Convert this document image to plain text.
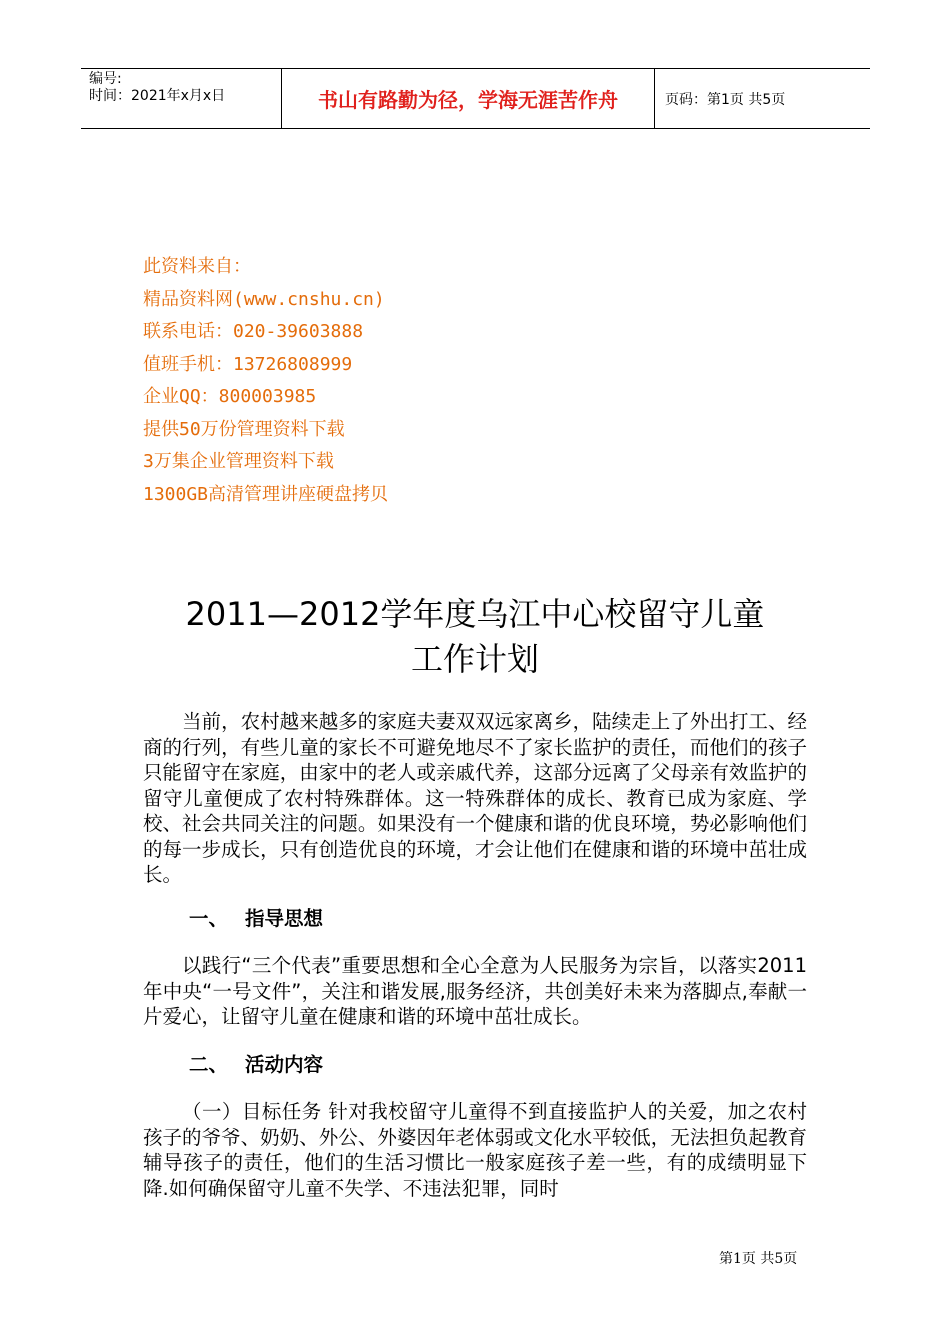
编号:
时间：2021年x月x日	书山有路勤为径，学海无涯苦作舟	页码：第1页 共5页
此资料来自：
精品资料网(www.cnshu.cn)
联系电话：020-39603888
值班手机：13726808999
企业QQ：800003985
提供50万份管理资料下载
3万集企业管理资料下载
1300GB高清管理讲座硬盘拷贝
2011—2012学年度乌江中心校留守儿童
工作计划

当前，农村越来越多的家庭夫妻双双远家离乡，陆续走上了外出打工、经商的行列，有些儿童的家长不可避免地尽不了家长监护的责任，而他们的孩子只能留守在家庭，由家中的老人或亲戚代养，这部分远离了父母亲有效监护的留守儿童便成了农村特殊群体。这一特殊群体的成长、教育已成为家庭、学校、社会共同关注的问题。如果没有一个健康和谐的优良环境，势必影响他们的每一步成长，只有创造优良的环境，才会让他们在健康和谐的环境中茁壮成长。

一、 指导思想

以践行“三个代表”重要思想和全心全意为人民服务为宗旨，以落实2011年中央“一号文件”，关注和谐发展,服务经济，共创美好未来为落脚点,奉献一片爱心，让留守儿童在健康和谐的环境中茁壮成长。

二、 活动内容

（一）目标任务 针对我校留守儿童得不到直接监护人的关爱，加之农村孩子的爷爷、奶奶、外公、外婆因年老体弱或文化水平较低，无法担负起教育辅导孩子的责任，他们的生活习惯比一般家庭孩子差一些，有的成绩明显下降.如何确保留守儿童不失学、不违法犯罪，同时

第1页 共5页
